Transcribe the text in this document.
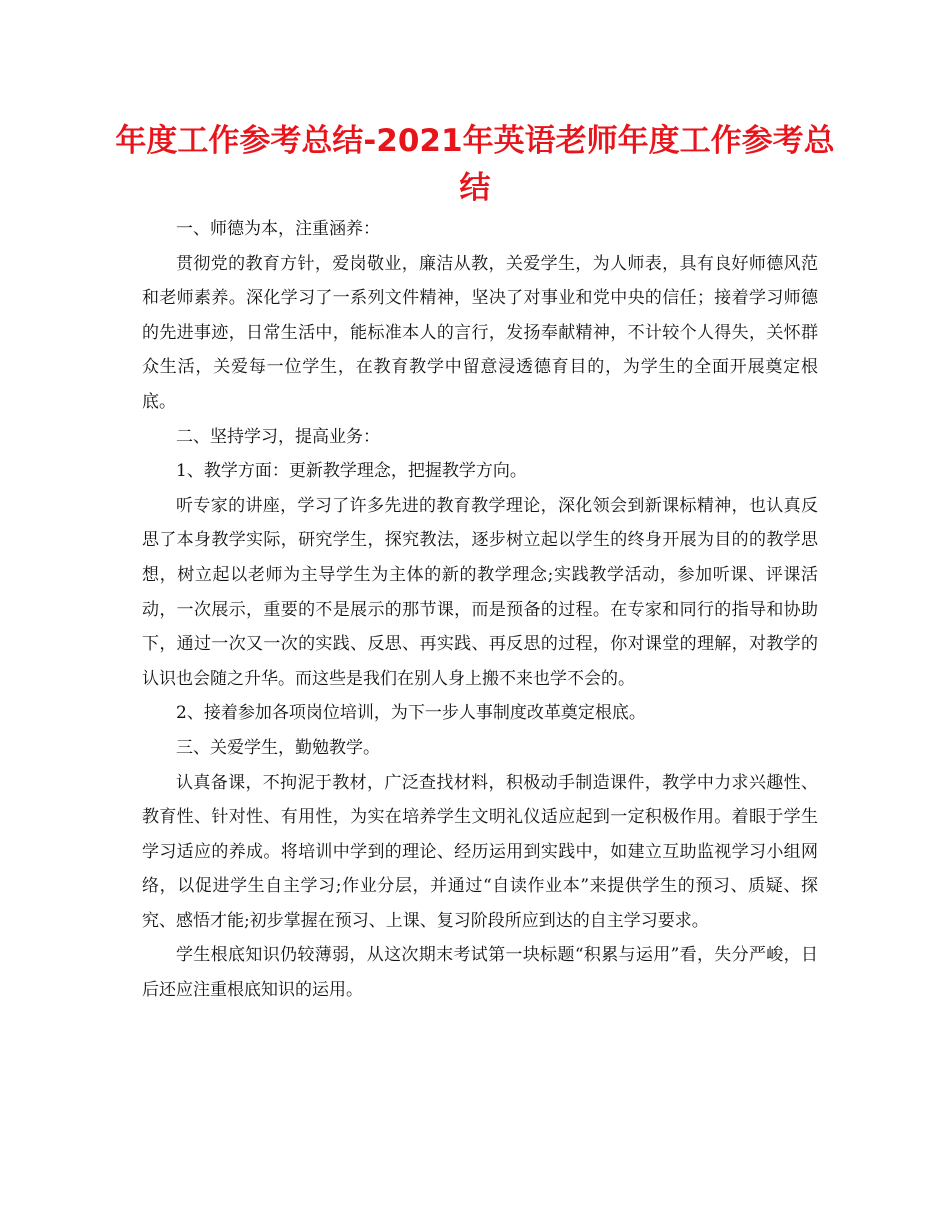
年度工作参考总结-2021年英语老师年度工作参考总结

一、师德为本，注重涵养：

贯彻党的教育方针，爱岗敬业，廉洁从教，关爱学生，为人师表，具有良好师德风范和老师素养。深化学习了一系列文件精神，坚决了对事业和党中央的信任；接着学习师德的先进事迹，日常生活中，能标准本人的言行，发扬奉献精神，不计较个人得失，关怀群众生活，关爱每一位学生，在教育教学中留意浸透德育目的，为学生的全面开展奠定根底。

二、坚持学习，提高业务：

1、教学方面：更新教学理念，把握教学方向。

听专家的讲座，学习了许多先进的教育教学理论，深化领会到新课标精神，也认真反思了本身教学实际，研究学生，探究教法，逐步树立起以学生的终身开展为目的的教学思想，树立起以老师为主导学生为主体的新的教学理念;实践教学活动，参加听课、评课活动，一次展示，重要的不是展示的那节课，而是预备的过程。在专家和同行的指导和协助下，通过一次又一次的实践、反思、再实践、再反思的过程，你对课堂的理解，对教学的认识也会随之升华。而这些是我们在别人身上搬不来也学不会的。

2、接着参加各项岗位培训，为下一步人事制度改革奠定根底。

三、关爱学生，勤勉教学。

认真备课，不拘泥于教材，广泛查找材料，积极动手制造课件，教学中力求兴趣性、教育性、针对性、有用性，为实在培养学生文明礼仪适应起到一定积极作用。着眼于学生学习适应的养成。将培训中学到的理论、经历运用到实践中，如建立互助监视学习小组网络，以促进学生自主学习;作业分层，并通过“自读作业本”来提供学生的预习、质疑、探究、感悟才能;初步掌握在预习、上课、复习阶段所应到达的自主学习要求。

学生根底知识仍较薄弱，从这次期末考试第一块标题“积累与运用”看，失分严峻，日后还应注重根底知识的运用。
